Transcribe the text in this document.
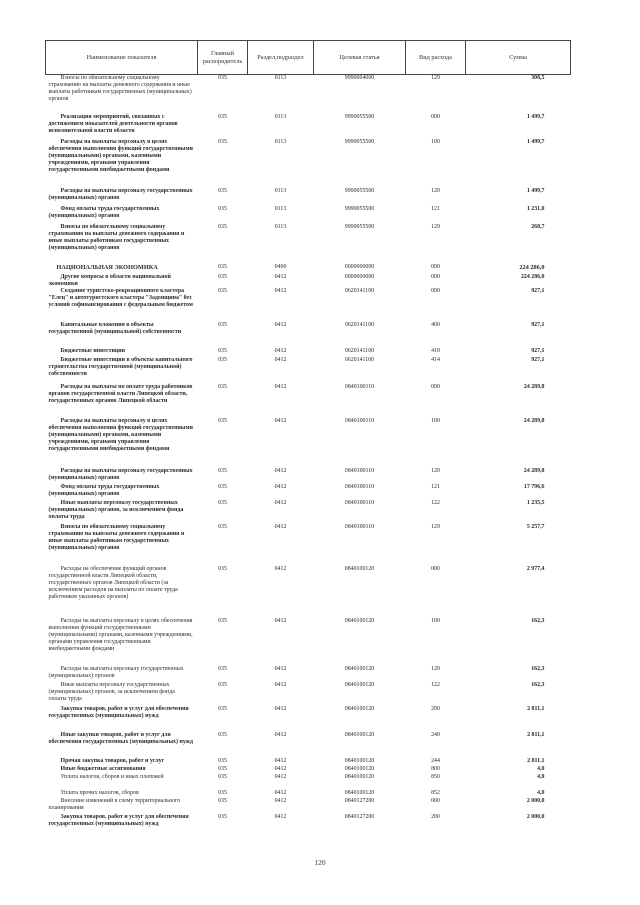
Наименование показателя	Главный распорядитель	Раздел,подраздел	Целевая статья	Вид расхода	Сумма
Взносы по обязательному социальному страхованию на выплаты денежного содержания и иные выплаты работникам государственных (муниципальных) органов	035	0113	9990004000	129	308,5
Реализация мероприятий, связанных с достижением показателей деятельности органов исполнительной власти области	035	0113	9990055500	000	1 499,7
Расходы на выплаты персоналу в целях обеспечения выполнения функций государственными (муниципальными) органами, казенными учреждениями, органами управления государственными внебюджетными фондами	035	0113	9990055500	100	1 499,7
Расходы на выплаты персоналу государственных (муниципальных) органов	035	0113	9990055500	120	1 499,7
Фонд оплаты труда государственных (муниципальных) органов	035	0113	9990055500	121	1 231,0
Взносы по обязательному социальному страхованию на выплаты денежного содержания и иные выплаты работникам государственных (муниципальных) органов	035	0113	9990055500	129	268,7
НАЦИОНАЛЬНАЯ ЭКОНОМИКА	035	0400	0000000000	000	224 286,0
Другие вопросы в области национальной экономики	035	0412	0000000000	000	224 286,0
Создание туристско-рекреационного кластера "Елец" и автотуристского кластера "Задонщина" без условий софинансирования с федеральным бюджетом	035	0412	0620141100	000	927,1
Капитальные вложения в объекты государственной (муниципальной) собственности	035	0412	0620141100	400	927,1
Бюджетные инвестиции	035	0412	0620141100	410	927,1
Бюджетные инвестиции в объекты капитального строительства государственной (муниципальной) собственности	035	0412	0620141100	414	927,1
Расходы на выплаты по оплате труда работников органов государственной власти Липецкой области, государственных органов Липецкой области	035	0412	0840100110	000	24 289,8
Расходы на выплаты персоналу в целях обеспечения выполнения функций государственными (муниципальными) органами, казенными учреждениями, органами управления государственными внебюджетными фондами	035	0412	0840100110	100	24 289,8
Расходы на выплаты персоналу государственных (муниципальных) органов	035	0412	0840100110	120	24 289,8
Фонд оплаты труда государственных (муниципальных) органов	035	0412	0840100110	121	17 796,6
Иные выплаты персоналу государственных (муниципальных) органов, за исключением фонда оплаты труда	035	0412	0840100110	122	1 235,5
Взносы по обязательному социальному страхованию на выплаты денежного содержания и иные выплаты работникам государственных (муниципальных) органов	035	0412	0840100110	129	5 257,7
Расходы на обеспечение функций органов государственной власти Липецкой области, государственных органов Липецкой области (за исключением расходов на выплаты по оплате труда работников указанных органов)	035	0412	0840100120	000	2 977,4
Расходы на выплаты персоналу в целях обеспечения выполнения функций государственными (муниципальными) органами, казенными учреждениями, органами управления государственными внебюджетными фондами	035	0412	0840100120	100	162,3
Расходы на выплаты персоналу государственных (муниципальных) органов	035	0412	0840100120	120	162,3
Иные выплаты персоналу государственных (муниципальных) органов, за исключением фонда оплаты труда	035	0412	0840100120	122	162,3
Закупка товаров, работ и услуг для обеспечения государственных (муниципальных) нужд	035	0412	0840100120	200	2 811,1
Иные закупки товаров, работ и услуг для обеспечения государственных (муниципальных) нужд	035	0412	0840100120	240	2 811,1
Прочая закупка товаров, работ и услуг	035	0412	0840100120	244	2 811,1
Иные бюджетные ассигнования	035	0412	0840100120	800	4,0
Уплата налогов, сборов и иных платежей	035	0412	0840100120	850	4,0
Уплата прочих налогов, сборов	035	0412	0840100120	852	4,0
Внесение изменений в схему территориального планирования	035	0412	0840127200	000	2 000,0
Закупка товаров, работ и услуг для обеспечения государственных (муниципальных) нужд	035	0412	0840127200	200	2 000,0
120
